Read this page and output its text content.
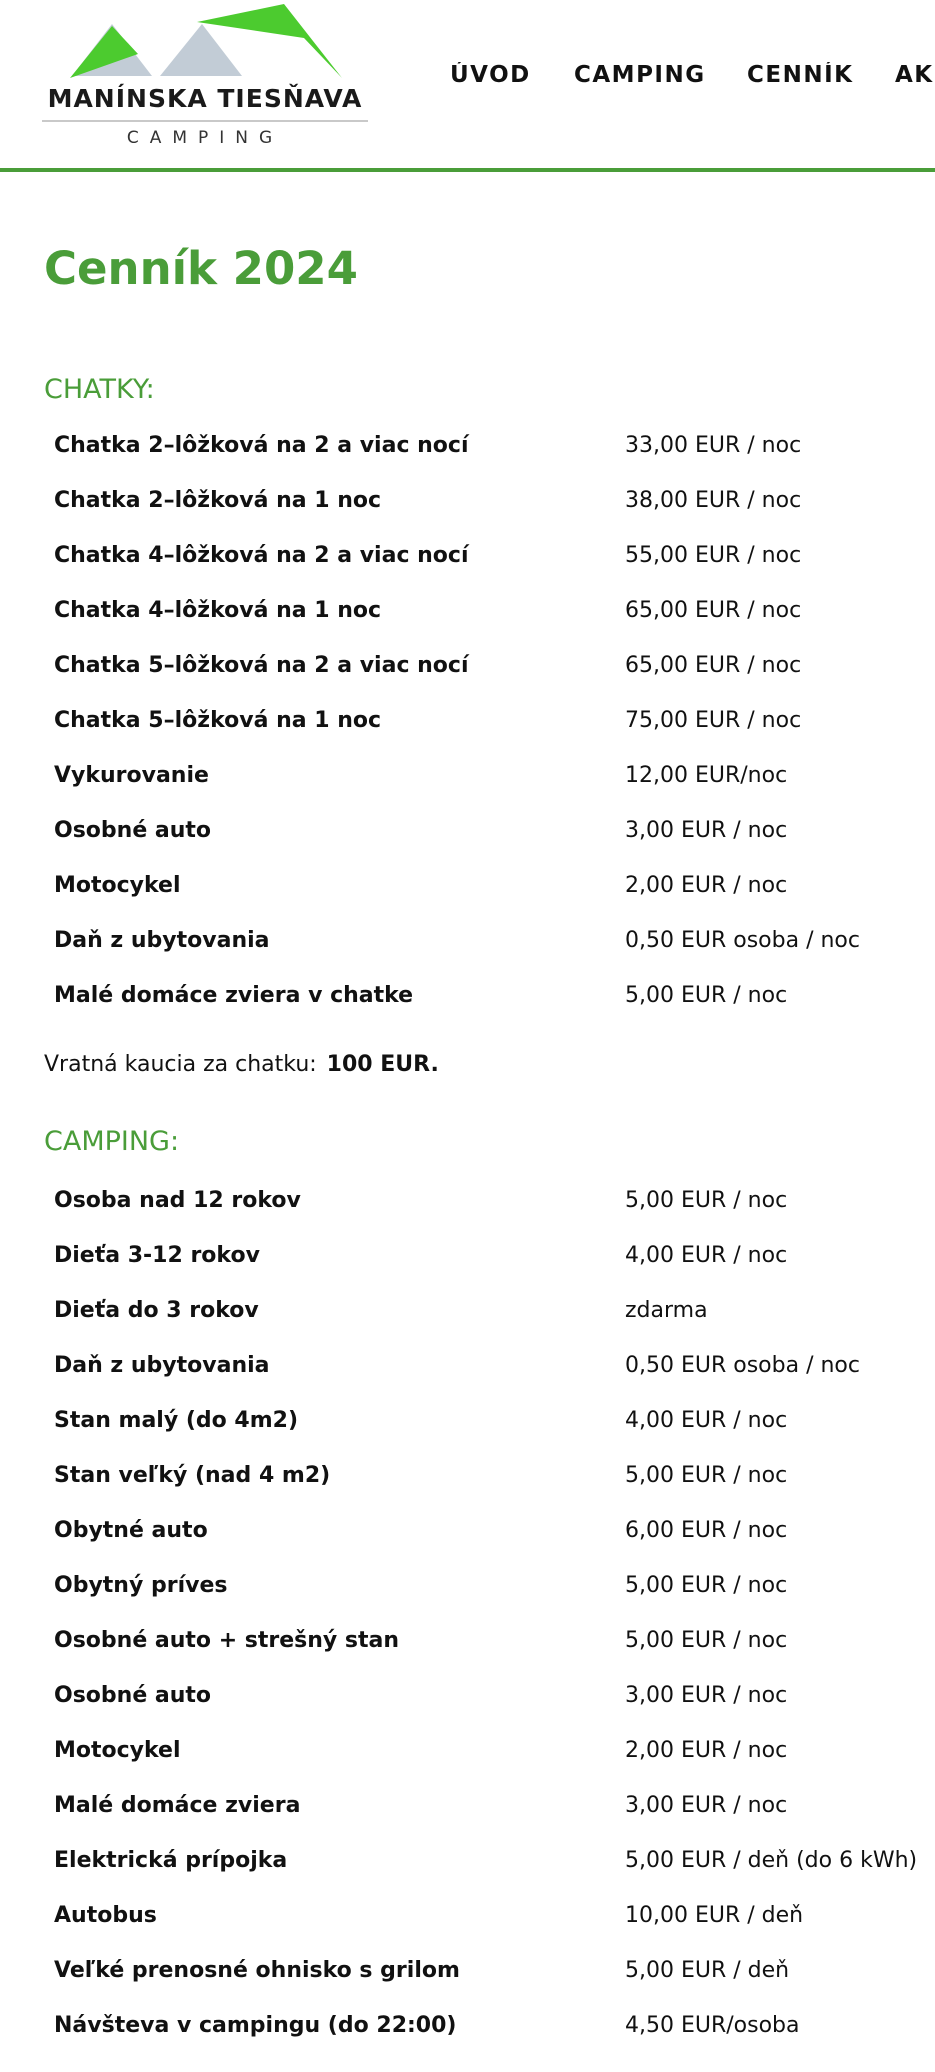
MANÍNSKA TIESŇAVA
CAMPING
ÚVOD CAMPING CENNÍK AK
Cenník 2024
CHATKY:
Chatka 2–lôžková na 2 a viac nocí	33,00 EUR / noc
Chatka 2–lôžková na 1 noc	38,00 EUR / noc
Chatka 4–lôžková na 2 a viac nocí	55,00 EUR / noc
Chatka 4–lôžková na 1 noc	65,00 EUR / noc
Chatka 5–lôžková na 2 a viac nocí	65,00 EUR / noc
Chatka 5–lôžková na 1 noc	75,00 EUR / noc
Vykurovanie	12,00 EUR/noc
Osobné auto	3,00 EUR / noc
Motocykel	2,00 EUR / noc
Daň z ubytovania	0,50 EUR osoba / noc
Malé domáce zviera v chatke	5,00 EUR / noc
Vratná kaucia za chatku: 100 EUR.
CAMPING:
Osoba nad 12 rokov	5,00 EUR / noc
Dieťa 3-12 rokov	4,00 EUR / noc
Dieťa do 3 rokov	zdarma
Daň z ubytovania	0,50 EUR osoba / noc
Stan malý (do 4m2)	4,00 EUR / noc
Stan veľký (nad 4 m2)	5,00 EUR / noc
Obytné auto	6,00 EUR / noc
Obytný príves	5,00 EUR / noc
Osobné auto + strešný stan	5,00 EUR / noc
Osobné auto	3,00 EUR / noc
Motocykel	2,00 EUR / noc
Malé domáce zviera	3,00 EUR / noc
Elektrická prípojka	5,00 EUR / deň (do 6 kWh)
Autobus	10,00 EUR / deň
Veľké prenosné ohnisko s grilom	5,00 EUR / deň
Návšteva v campingu (do 22:00)	4,50 EUR/osoba
